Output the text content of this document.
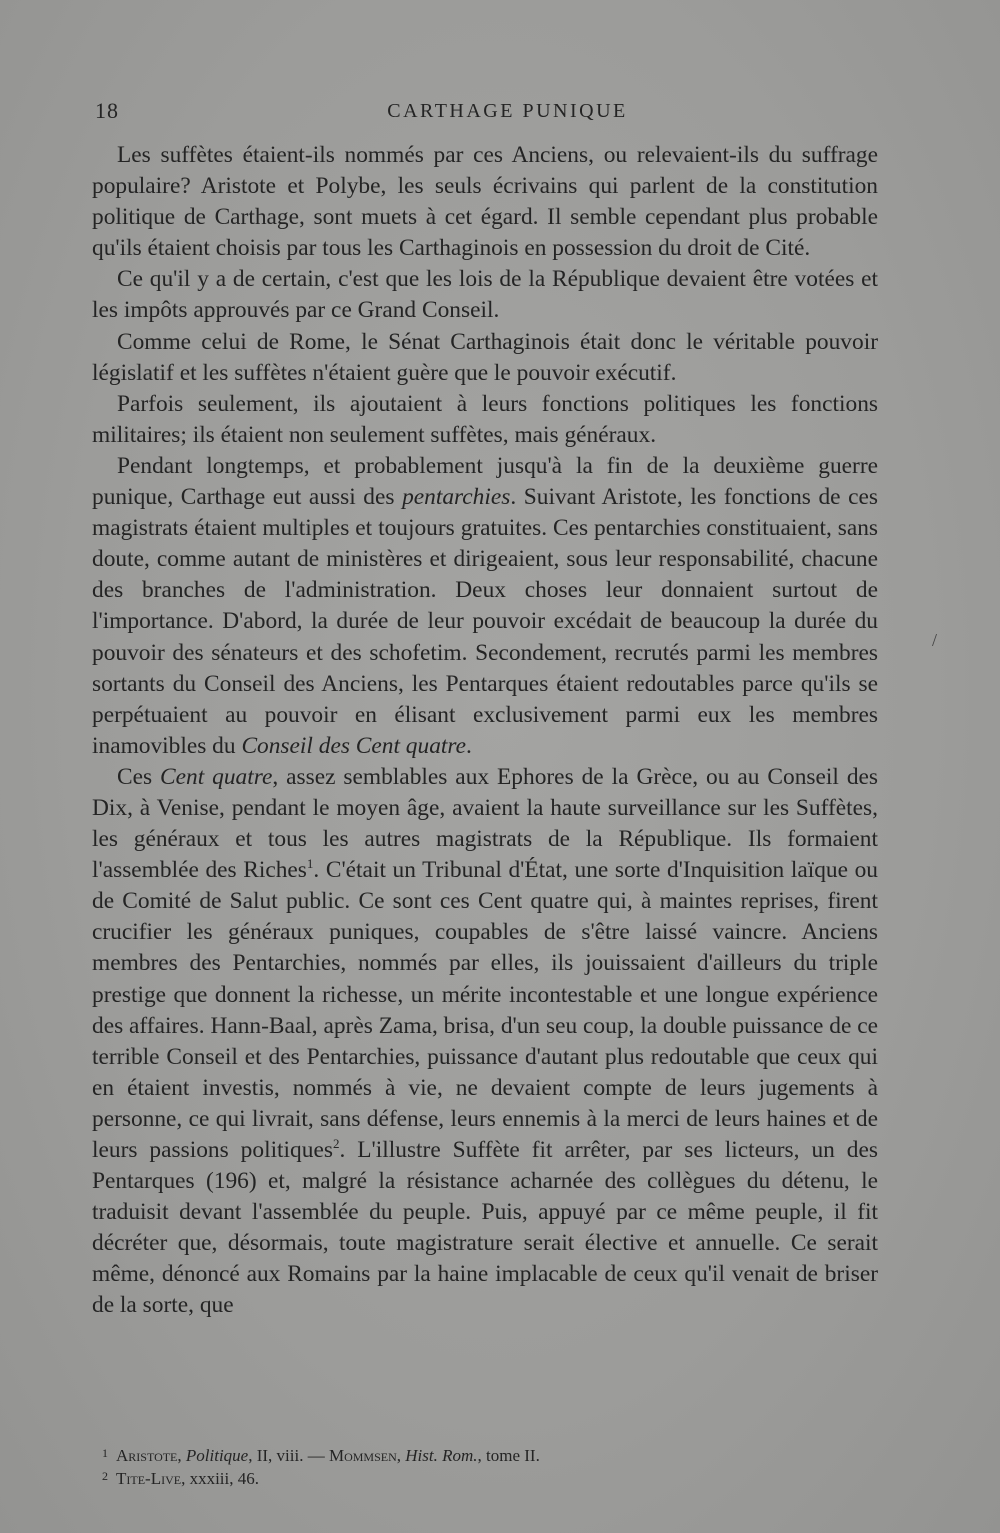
18	CARTHAGE PUNIQUE

Les suffètes étaient-ils nommés par ces Anciens, ou relevaient-ils du suffrage populaire? Aristote et Polybe, les seuls écrivains qui parlent de la constitution politique de Carthage, sont muets à cet égard. Il semble cependant plus probable qu'ils étaient choisis par tous les Carthaginois en possession du droit de Cité.

Ce qu'il y a de certain, c'est que les lois de la République devaient être votées et les impôts approuvés par ce Grand Conseil.

Comme celui de Rome, le Sénat Carthaginois était donc le véritable pouvoir législatif et les suffètes n'étaient guère que le pouvoir exécutif.

Parfois seulement, ils ajoutaient à leurs fonctions politiques les fonctions militaires; ils étaient non seulement suffètes, mais généraux.

Pendant longtemps, et probablement jusqu'à la fin de la deuxième guerre punique, Carthage eut aussi des pentarchies. Suivant Aristote, les fonctions de ces magistrats étaient multiples et toujours gratuites. Ces pentarchies constituaient, sans doute, comme autant de ministères et dirigeaient, sous leur responsabilité, chacune des branches de l'administration. Deux choses leur donnaient surtout de l'importance. D'abord, la durée de leur pouvoir excédait de beaucoup la durée du pouvoir des sénateurs et des schofetim. Secondement, recrutés parmi les membres sortants du Conseil des Anciens, les Pentarques étaient redoutables parce qu'ils se perpétuaient au pouvoir en élisant exclusivement parmi eux les membres inamovibles du Conseil des Cent quatre.

Ces Cent quatre, assez semblables aux Ephores de la Grèce, ou au Conseil des Dix, à Venise, pendant le moyen âge, avaient la haute surveillance sur les Suffètes, les généraux et tous les autres magistrats de la République. Ils formaient l'assemblée des Riches$^1$. C'était un Tribunal d'État, une sorte d'Inquisition laïque ou de Comité de Salut public. Ce sont ces Cent quatre qui, à maintes reprises, firent crucifier les généraux puniques, coupables de s'être laissé vaincre. Anciens membres des Pentarchies, nommés par elles, ils jouissaient d'ailleurs du triple prestige que donnent la richesse, un mérite incontestable et une longue expérience des affaires. Hann-Baal, après Zama, brisa, d'un seu coup, la double puissance de ce terrible Conseil et des Pentarchies, puissance d'autant plus redoutable que ceux qui en étaient investis, nommés à vie, ne devaient compte de leurs jugements à personne, ce qui livrait, sans défense, leurs ennemis à la merci de leurs haines et de leurs passions politiques$^2$. L'illustre Suffète fit arrêter, par ses licteurs, un des Pentarques (196) et, malgré la résistance acharnée des collègues du détenu, le traduisit devant l'assemblée du peuple. Puis, appuyé par ce même peuple, il fit décréter que, désormais, toute magistrature serait élective et annuelle. Ce serait même, dénoncé aux Romains par la haine implacable de ceux qu'il venait de briser de la sorte, que

$^1$ Aristote, Politique, II, viii. — Mommsen, Hist. Rom., tome II.
$^2$ Tite-Live, xxxiii, 46.
/
